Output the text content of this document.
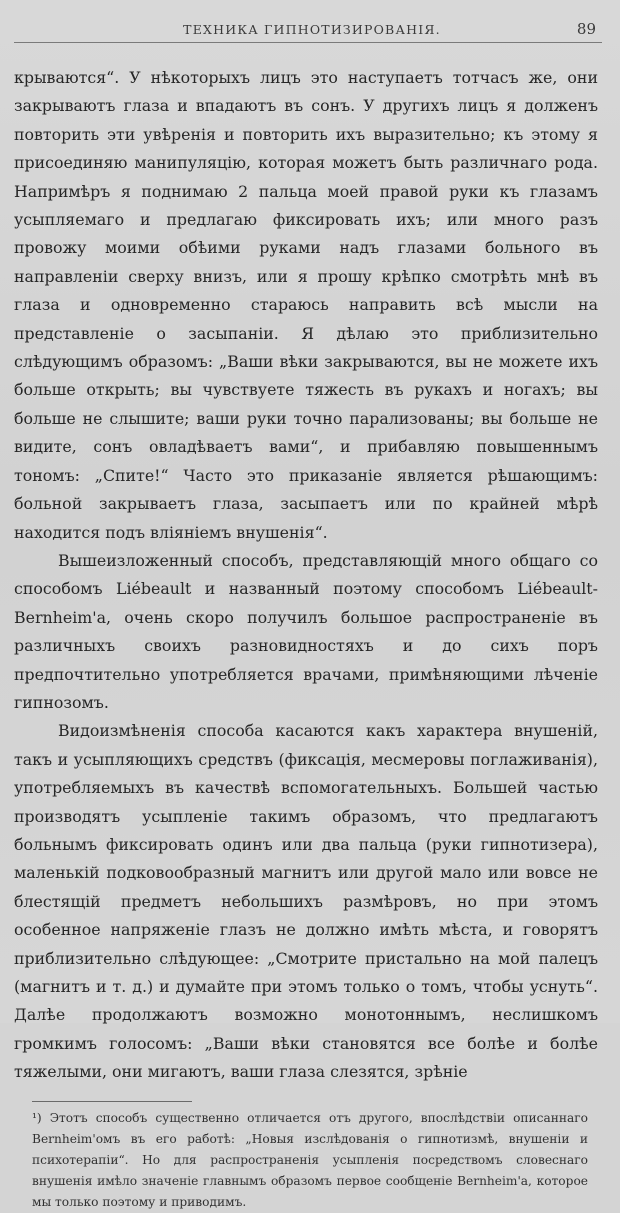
ТЕХНИКА ГИПНОТИЗИРОВАНІЯ.	89

крываются“. У нѣкоторыхъ лицъ это наступаетъ тотчасъ же, они закрываютъ глаза и впадаютъ въ сонъ. У другихъ лицъ я долженъ повторить эти увѣренія и повторить ихъ выразительно; къ этому я присоединяю манипуляцію, которая можетъ быть различнаго рода. Напримѣръ я поднимаю 2 пальца моей правой руки къ глазамъ усыпляемаго и предлагаю фиксировать ихъ; или много разъ провожу моими обѣими руками надъ глазами больного въ направленіи сверху внизъ, или я прошу крѣпко смотрѣть мнѣ въ глаза и одновременно стараюсь направить всѣ мысли на представленіе о засыпаніи. Я дѣлаю это приблизительно слѣдующимъ образомъ: „Ваши вѣки закрываются, вы не можете ихъ больше открыть; вы чувствуете тяжесть въ рукахъ и ногахъ; вы больше не слышите; ваши руки точно парализованы; вы больше не видите, сонъ овладѣваетъ вами“, и прибавляю повышеннымъ тономъ: „Спите!“ Часто это приказаніе является рѣшающимъ: больной закрываетъ глаза, засыпаетъ или по крайней мѣрѣ находится подъ вліяніемъ внушенія“.

Вышеизложенный способъ, представляющій много общаго со способомъ Liébeault и названный поэтому способомъ Liébeault-Bernheim'а, очень скоро получилъ большое распространеніе въ различныхъ своихъ разновидностяхъ и до сихъ поръ предпочтительно употребляется врачами, примѣняющими лѣченіе гипнозомъ.

Видоизмѣненія способа касаются какъ характера внушеній, такъ и усыпляющихъ средствъ (фиксація, месмеровы поглаживанія), употребляемыхъ въ качествѣ вспомогательныхъ. Большей частью производятъ усыпленіе такимъ образомъ, что предлагаютъ больнымъ фиксировать одинъ или два пальца (руки гипнотизера), маленькій подковообразный магнитъ или другой мало или вовсе не блестящій предметъ небольшихъ размѣровъ, но при этомъ особенное напряженіе глазъ не должно имѣть мѣста, и говорятъ приблизительно слѣдующее: „Смотрите пристально на мой палецъ (магнитъ и т. д.) и думайте при этомъ только о томъ, чтобы уснуть“. Далѣе продолжаютъ возможно монотоннымъ, неслишкомъ громкимъ голосомъ: „Ваши вѣки становятся все болѣе и болѣе тяжелыми, они мигаютъ, ваши глаза слезятся, зрѣніе

¹) Этотъ способъ существенно отличается отъ другого, впослѣдствіи описаннаго Bernheim'омъ въ его работѣ: „Новыя изслѣдованія о гипнотизмѣ, внушеніи и психотерапіи“. Но для распространенія усыпленія посредствомъ словеснаго внушенія имѣло значеніе главнымъ образомъ первое сообщеніе Bernheim'а, которое мы только поэтому и приводимъ.
